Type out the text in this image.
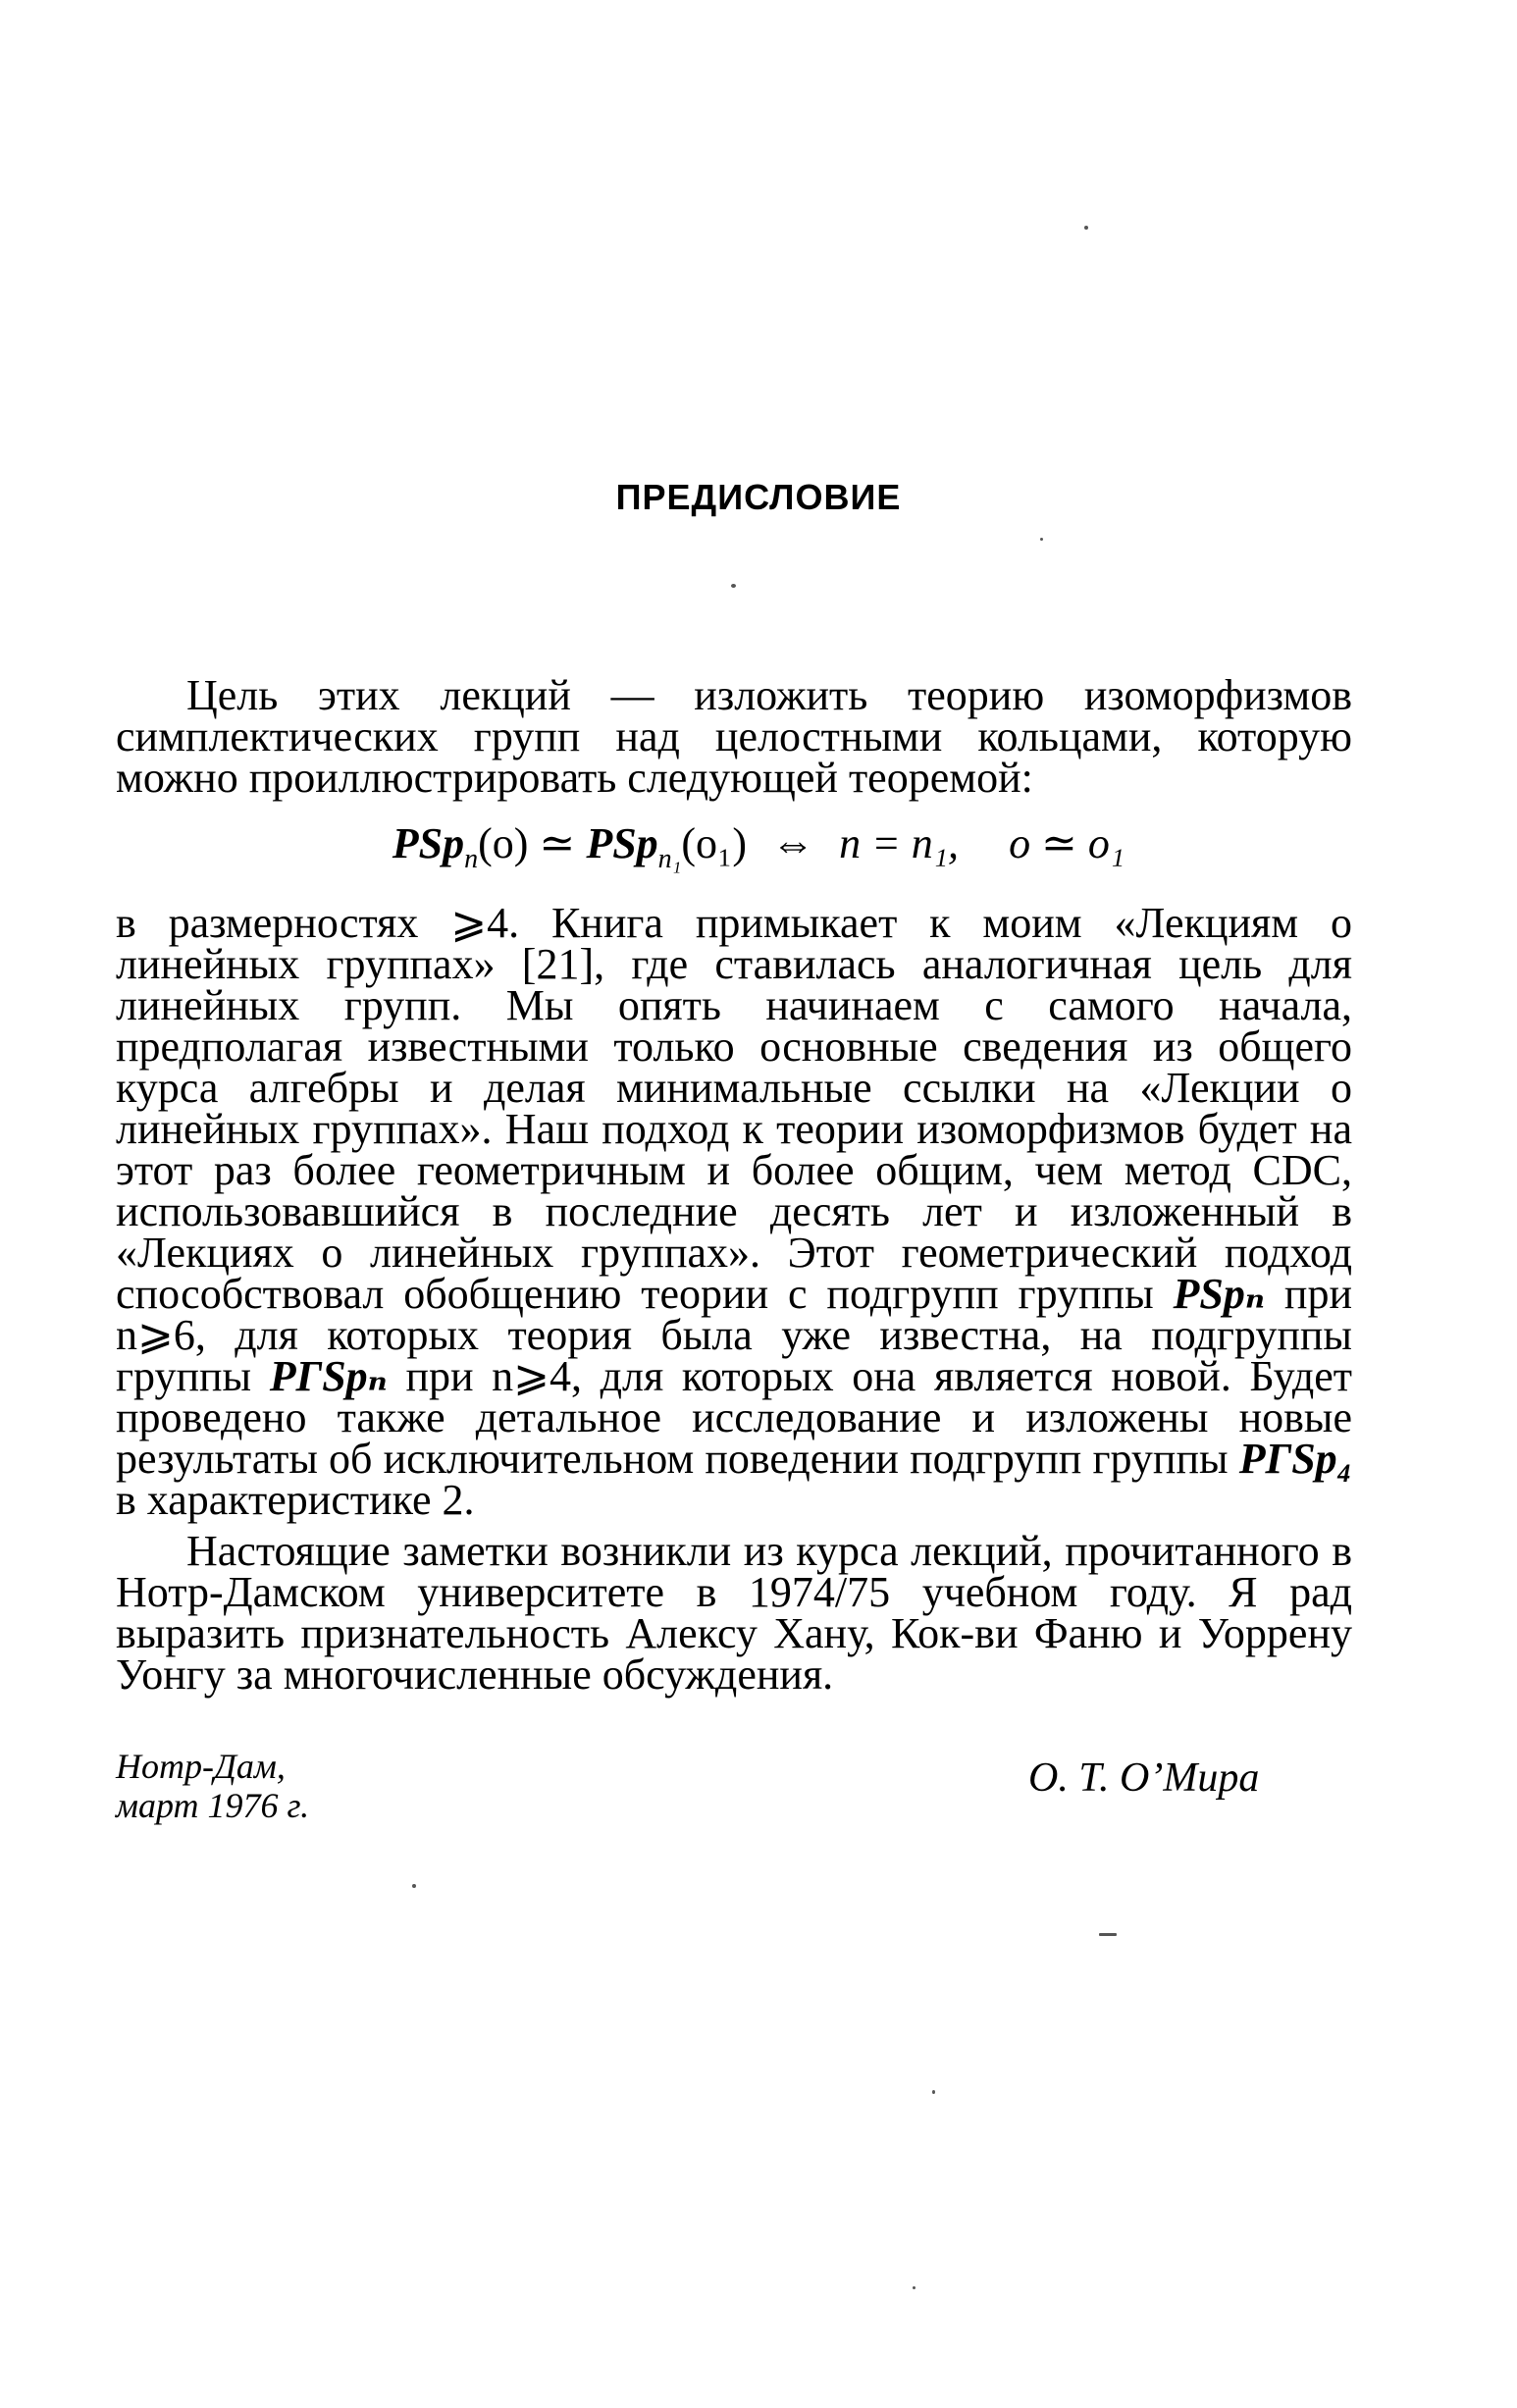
ПРЕДИСЛОВИЕ

Цель этих лекций — изложить теорию изоморфизмов симплектических групп над целостными кольцами, которую можно проиллюстрировать следующей теоремой:

PSp$_n$(o) ≃ PSp$_{n_1}$(o₁) ⇔ n = n₁, o ≃ o₁

в размерностях ⩾4. Книга примыкает к моим «Лекциям о линейных группах» [21], где ставилась аналогичная цель для линейных групп. Мы опять начинаем с самого начала, предполагая известными только основные сведения из общего курса алгебры и делая минимальные ссылки на «Лекции о линейных группах». Наш подход к теории изоморфизмов будет на этот раз более геометричным и более общим, чем метод CDC, использовавшийся в последние десять лет и изложенный в «Лекциях о линейных группах». Этот геометрический подход способствовал обобщению теории с подгрупп группы PSpₙ при n⩾6, для которых теория была уже известна, на подгруппы группы PΓSpₙ при n⩾4, для которых она является новой. Будет проведено также детальное исследование и изложены новые результаты об исключительном поведении подгрупп группы PΓSp₄ в характеристике 2.

Настоящие заметки возникли из курса лекций, прочитанного в Нотр-Дамском университете в 1974/75 учебном году. Я рад выразить признательность Алексу Хану, Кок-ви Фаню и Уоррену Уонгу за многочисленные обсуждения.

Нотр-Дам,
март 1976 г.
О. Т. О’Мира
